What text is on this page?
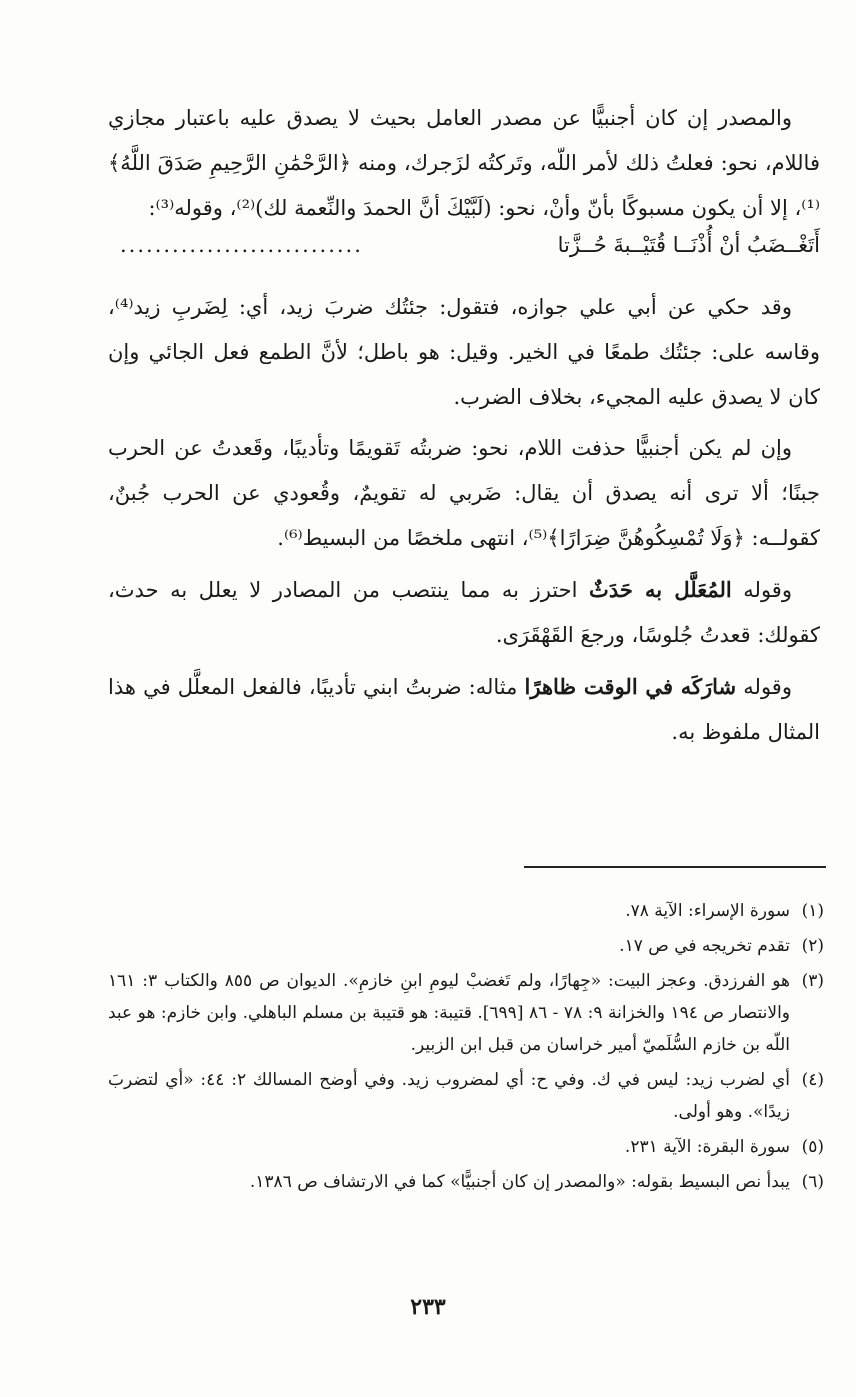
والمصدر إن كان أجنبيًّا عن مصدر العامل بحيث لا يصدق عليه باعتبار مجازي فاللام، نحو: فعلتُ ذلك لأمر اللّه، وتَركتُه لزَجرك، ومنه ﴿الرَّحْمَٰنِ الرَّحِيمِ صَدَقَ اللَّهُ﴾⁽¹⁾، إلا أن يكون مسبوكًا بأنّ وأنْ، نحو: (لَبَّيْكَ أنَّ الحمدَ والنِّعمة لك)⁽²⁾، وقوله⁽³⁾:

أَتَغْــضَبُ أنْ أُذْنَــا قُتَيْــبةَ حُــزَّتا
............................

وقد حكي عن أبي علي جوازه، فتقول: جئتُك ضربَ زيد، أي: لِضَربِ زيد⁽⁴⁾، وقاسه على: جئتُك طمعًا في الخير. وقيل: هو باطل؛ لأنَّ الطمع فعل الجائي وإن كان لا يصدق عليه المجيء، بخلاف الضرب.

وإن لم يكن أجنبيًّا حذفت اللام، نحو: ضربتُه تَقويمًا وتأديبًا، وقَعدتُ عن الحرب جبنًا؛ ألا ترى أنه يصدق أن يقال: ضَربي له تقويمٌ، وقُعودي عن الحرب جُبنٌ، كقولــه: ﴿وَلَا تُمْسِكُوهُنَّ ضِرَارًا﴾⁽⁵⁾، انتهى ملخصًا من البسيط⁽⁶⁾.

وقوله المُعَلَّل به حَدَثٌ احترز به مما ينتصب من المصادر لا يعلل به حدث، كقولك: قعدتُ جُلوسًا، ورجعَ القَهْقَرَى.

وقوله شارَكَه في الوقت ظاهرًا مثاله: ضربتُ ابني تأديبًا، فالفعل المعلَّل في هذا المثال ملفوظ به.

(١)
سورة الإسراء: الآية ٧٨.
(٢)
تقدم تخريجه في ص ١٧.
(٣)
هو الفرزدق. وعجز البيت: «جِهارًا، ولم تَغضبْ ليومِ ابنِ خازمِ». الديوان ص ٨٥٥ والكتاب ٣: ١٦١ والانتصار ص ١٩٤ والخزانة ٩: ٧٨ - ٨٦ [٦٩٩]. قتيبة: هو قتيبة بن مسلم الباهلي. وابن خازم: هو عبد اللّه بن خازم السُّلَميّ أمير خراسان من قبل ابن الزبير.
(٤)
أي لضرب زيد: ليس في ك. وفي ح: أي لمضروب زيد. وفي أوضح المسالك ٢: ٤٤: «أي لتضربَ زيدًا». وهو أولى.
(٥)
سورة البقرة: الآية ٢٣١.
(٦)
يبدأ نص البسيط بقوله: «والمصدر إن كان أجنبيًّا» كما في الارتشاف ص ١٣٨٦.
٢٣٣
